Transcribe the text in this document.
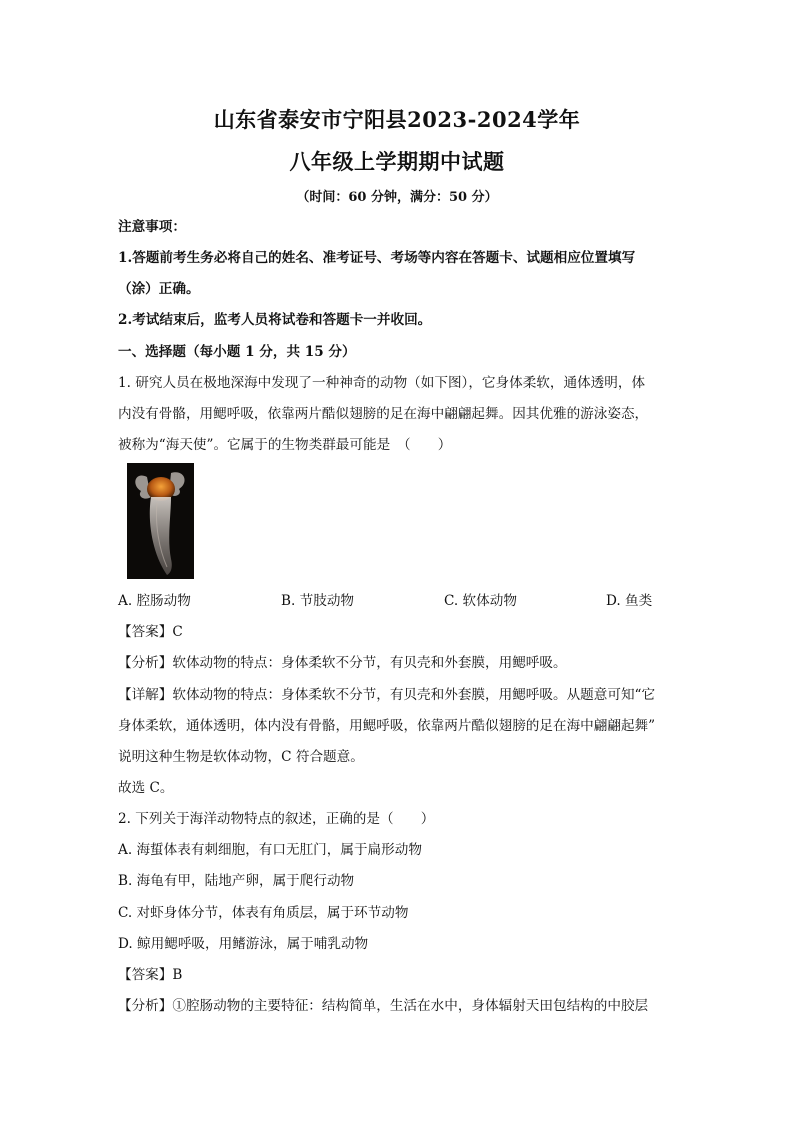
山东省泰安市宁阳县2023-2024学年
八年级上学期期中试题
（时间：60 分钟，满分：50 分）
注意事项：
1.答题前考生务必将自己的姓名、准考证号、考场等内容在答题卡、试题相应位置填写
（涂）正确。
2.考试结束后，监考人员将试卷和答题卡一并收回。
一、选择题（每小题 1 分，共 15 分）
1. 研究人员在极地深海中发现了一种神奇的动物（如下图），它身体柔软，通体透明，体
内没有骨骼，用鳃呼吸，依靠两片酷似翅膀的足在海中翩翩起舞。因其优雅的游泳姿态，
被称为“海天使”。它属于的生物类群最可能是　（　　）
A. 腔肠动物	B. 节肢动物	C. 软体动物	D. 鱼类
【答案】C
【分析】软体动物的特点：身体柔软不分节，有贝壳和外套膜，用鳃呼吸。
【详解】软体动物的特点：身体柔软不分节，有贝壳和外套膜，用鳃呼吸。从题意可知“它
身体柔软，通体透明，体内没有骨骼，用鳃呼吸，依靠两片酷似翅膀的足在海中翩翩起舞”
说明这种生物是软体动物，C 符合题意。
故选 C。
2. 下列关于海洋动物特点的叙述，正确的是（　　）
A. 海蜇体表有刺细胞，有口无肛门，属于扁形动物
B. 海龟有甲，陆地产卵，属于爬行动物
C. 对虾身体分节，体表有角质层，属于环节动物
D. 鲸用鳃呼吸，用鳍游泳，属于哺乳动物
【答案】B
【分析】①腔肠动物的主要特征：结构简单，生活在水中，身体辐射天田包结构的中胶层
